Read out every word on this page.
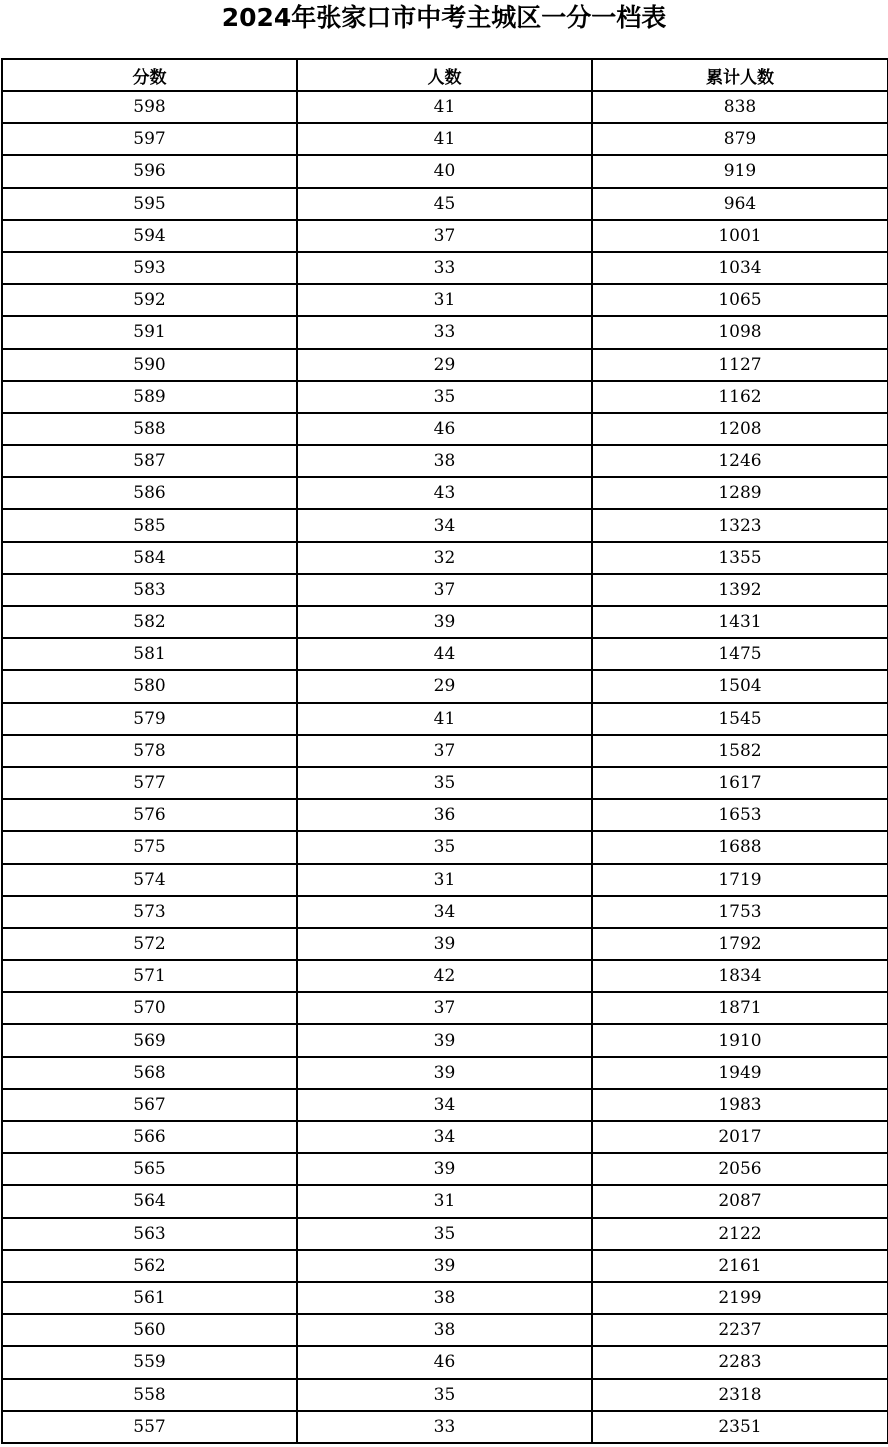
2024年张家口市中考主城区一分一档表
分数	人数	累计人数
598	41	838
597	41	879
596	40	919
595	45	964
594	37	1001
593	33	1034
592	31	1065
591	33	1098
590	29	1127
589	35	1162
588	46	1208
587	38	1246
586	43	1289
585	34	1323
584	32	1355
583	37	1392
582	39	1431
581	44	1475
580	29	1504
579	41	1545
578	37	1582
577	35	1617
576	36	1653
575	35	1688
574	31	1719
573	34	1753
572	39	1792
571	42	1834
570	37	1871
569	39	1910
568	39	1949
567	34	1983
566	34	2017
565	39	2056
564	31	2087
563	35	2122
562	39	2161
561	38	2199
560	38	2237
559	46	2283
558	35	2318
557	33	2351
